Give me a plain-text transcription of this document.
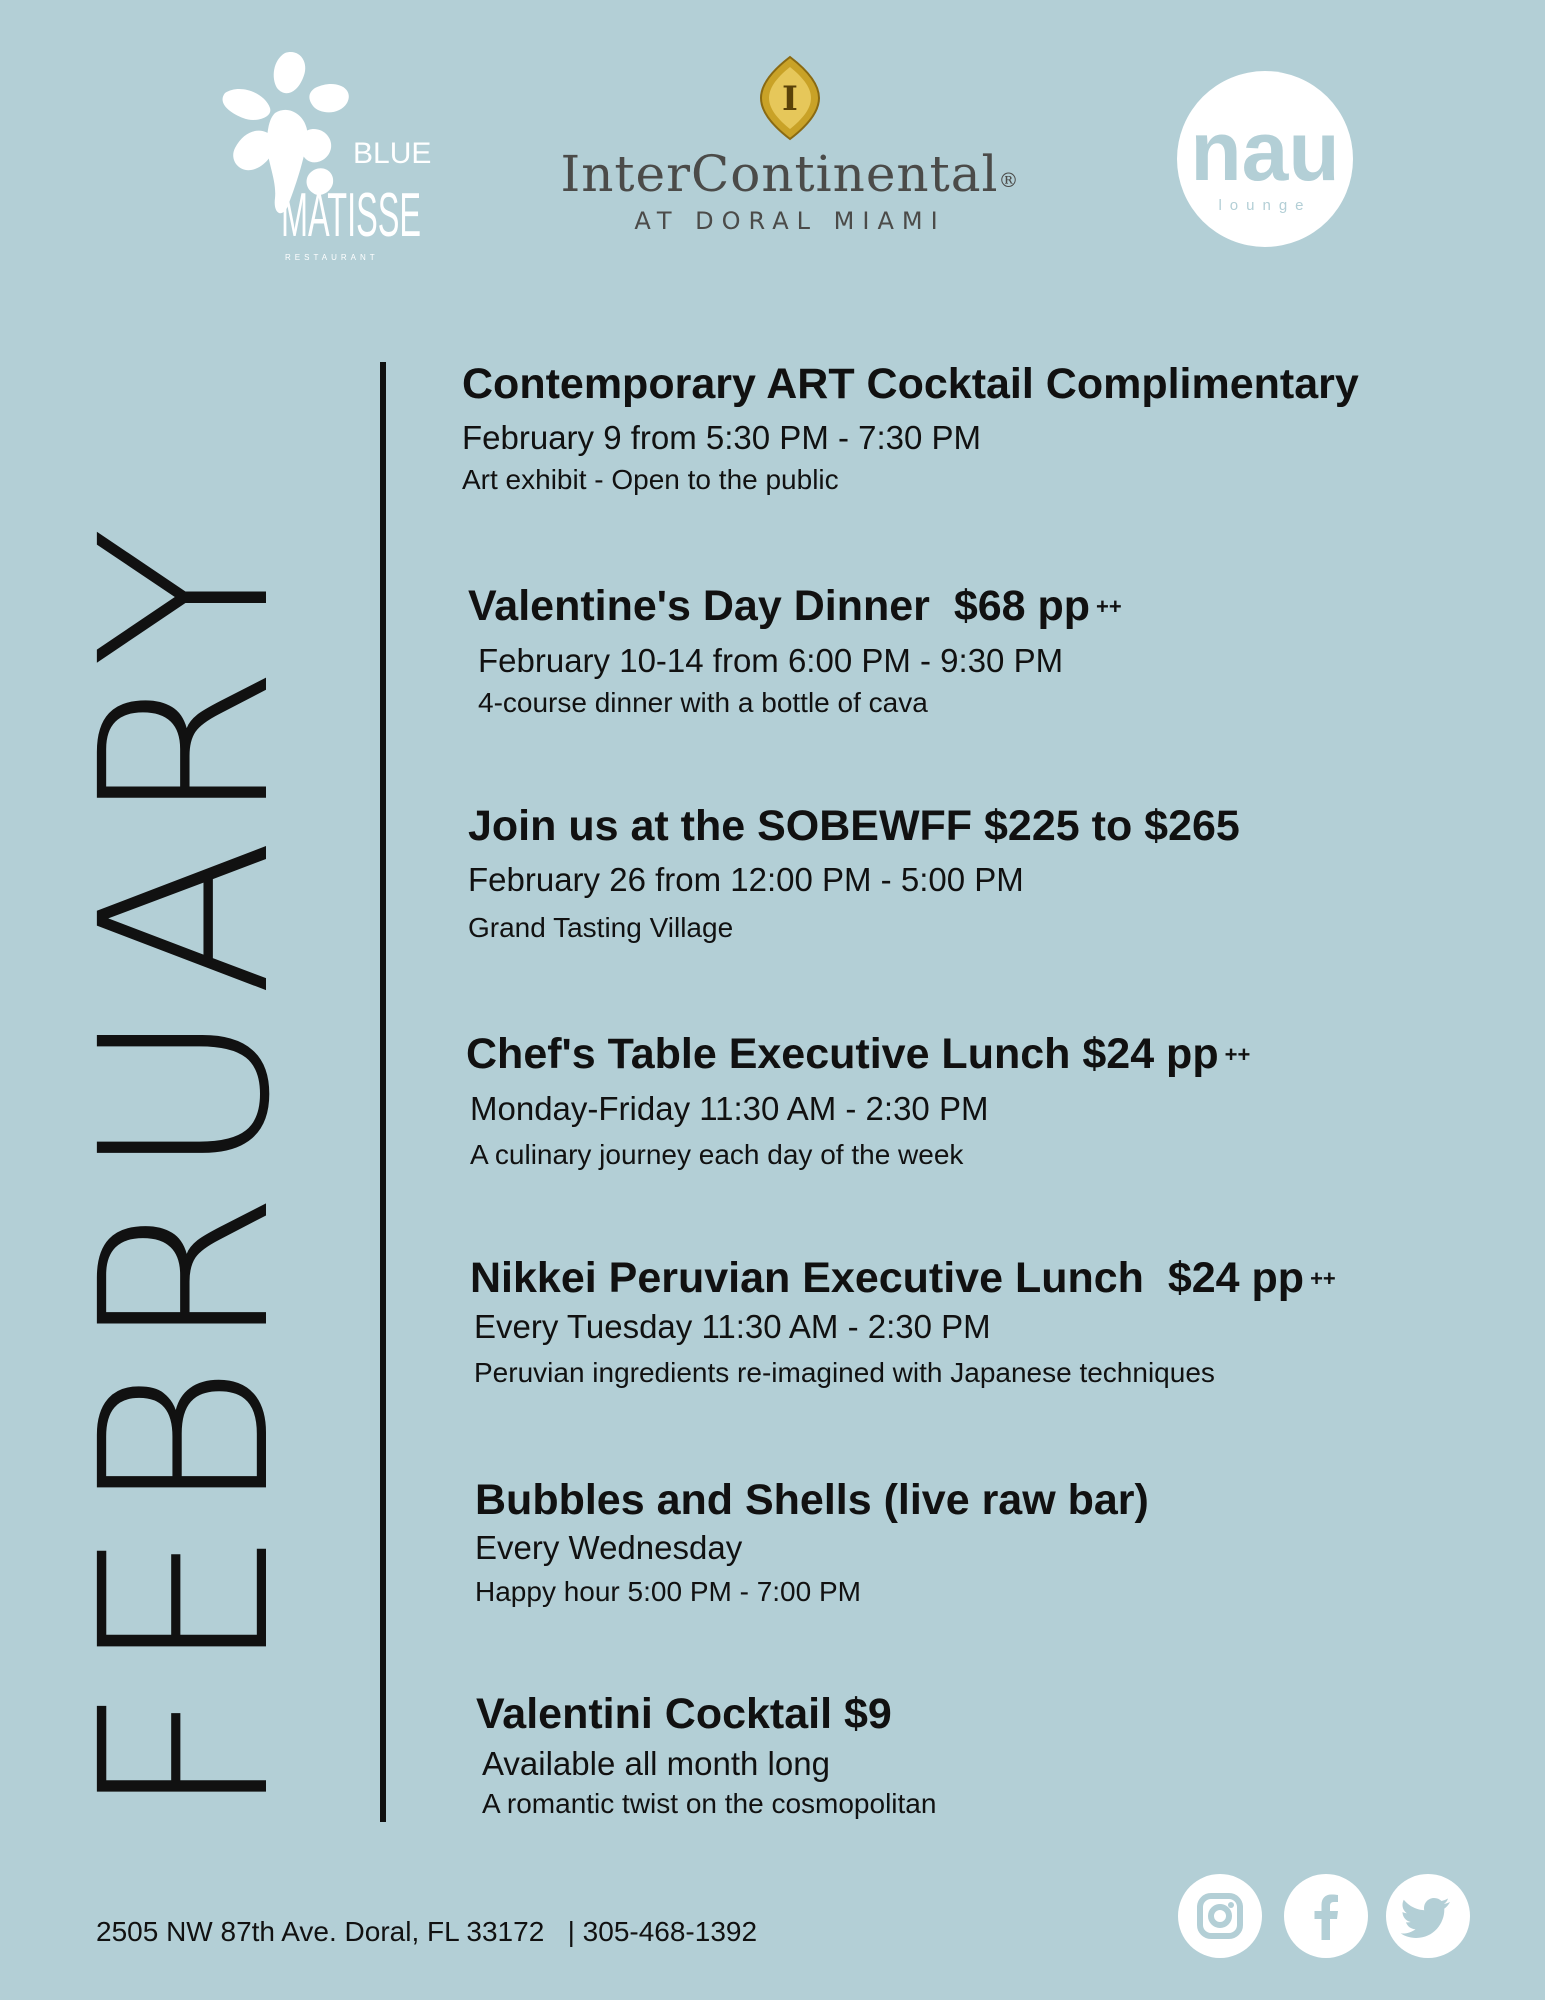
BLUE
MATISSE
RESTAURANT
I
InterContinental®
AT DORAL MIAMI
nau
lounge
FEBRUARY
Contemporary ART Cocktail Complimentary
February 9 from 5:30 PM - 7:30 PM
Art exhibit - Open to the public
Valentine's Day Dinner $68 pp ++
February 10-14 from 6:00 PM - 9:30 PM
4-course dinner with a bottle of cava
Join us at the SOBEWFF $225 to $265
February 26 from 12:00 PM - 5:00 PM
Grand Tasting Village
Chef's Table Executive Lunch $24 pp ++
Monday-Friday 11:30 AM - 2:30 PM
A culinary journey each day of the week
Nikkei Peruvian Executive Lunch $24 pp ++
Every Tuesday 11:30 AM - 2:30 PM
Peruvian ingredients re-imagined with Japanese techniques
Bubbles and Shells (live raw bar)
Every Wednesday
Happy hour 5:00 PM - 7:00 PM
Valentini Cocktail $9
Available all month long
A romantic twist on the cosmopolitan
2505 NW 87th Ave. Doral, FL 33172 | 305-468-1392
